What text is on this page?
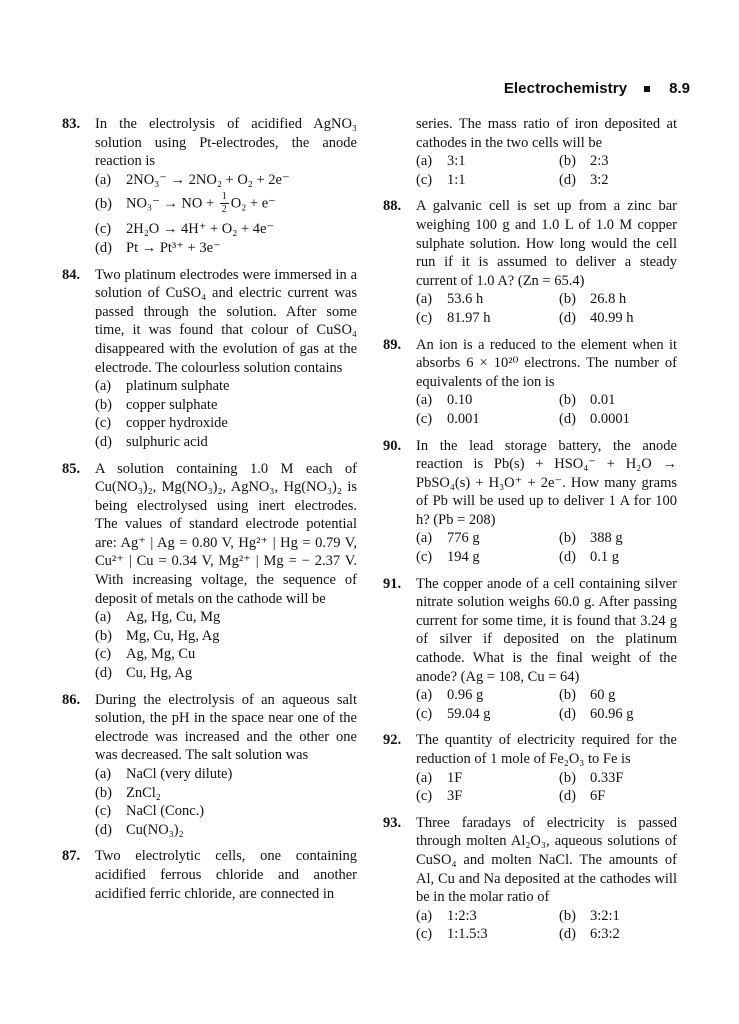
Electrochemistry	8.9
83.	In the electrolysis of acidified AgNO₃ solution using Pt-electrodes, the anode reaction is

(a) 2NO₃⁻ → 2NO₂ + O₂ + 2e⁻
(b) NO₃⁻ → NO + $\frac{1}{2} O_2 + e^-$
(c) 2H₂O → 4H⁺ + O₂ + 4e⁻
(d) Pt → Pt³⁺ + 3e⁻
84.	Two platinum electrodes were immersed in a solution of CuSO₄ and electric current was passed through the solution. After some time, it was found that colour of CuSO₄ disappeared with the evolution of gas at the electrode. The colourless solution contains

(a) platinum sulphate
(b) copper sulphate
(c) copper hydroxide
(d) sulphuric acid
85.	A solution containing 1.0 M each of Cu(NO₃)₂, Mg(NO₃)₂, AgNO₃, Hg(NO₃)₂ is being electrolysed using inert electrodes. The values of standard electrode potential are: Ag⁺ | Ag = 0.80 V, Hg²⁺ | Hg = 0.79 V, Cu²⁺ | Cu = 0.34 V, Mg²⁺ | Mg = − 2.37 V. With increasing voltage, the sequence of deposit of metals on the cathode will be

(a) Ag, Hg, Cu, Mg
(b) Mg, Cu, Hg, Ag
(c) Ag, Mg, Cu
(d) Cu, Hg, Ag
86.	During the electrolysis of an aqueous salt solution, the pH in the space near one of the electrode was increased and the other one was decreased. The salt solution was

(a) NaCl (very dilute)
(b) ZnCl₂
(c) NaCl (Conc.)
(d) Cu(NO₃)₂
87.	Two electrolytic cells, one containing acidified ferrous chloride and another acidified ferric chloride, are connected in

series. The mass ratio of iron deposited at cathodes in the two cells will be

(a) 3:1	(b) 2:3
(c) 1:1	(d) 3:2
88.	A galvanic cell is set up from a zinc bar weighing 100 g and 1.0 L of 1.0 M copper sulphate solution. How long would the cell run if it is assumed to deliver a steady current of 1.0 A? (Zn = 65.4)

(a) 53.6 h	(b) 26.8 h
(c) 81.97 h	(d) 40.99 h
89.	An ion is a reduced to the element when it absorbs 6 × 10²⁰ electrons. The number of equivalents of the ion is

(a) 0.10	(b) 0.01
(c) 0.001	(d) 0.0001
90.	In the lead storage battery, the anode reaction is Pb(s) + HSO₄⁻ + H₂O → PbSO₄(s) + H₃O⁺ + 2e⁻. How many grams of Pb will be used up to deliver 1 A for 100 h? (Pb = 208)

(a) 776 g	(b) 388 g
(c) 194 g	(d) 0.1 g
91.	The copper anode of a cell containing silver nitrate solution weighs 60.0 g. After passing current for some time, it is found that 3.24 g of silver if deposited on the platinum cathode. What is the final weight of the anode? (Ag = 108, Cu = 64)

(a) 0.96 g	(b) 60 g
(c) 59.04 g	(d) 60.96 g
92.	The quantity of electricity required for the reduction of 1 mole of Fe₂O₃ to Fe is

(a) 1F	(b) 0.33F
(c) 3F	(d) 6F
93.	Three faradays of electricity is passed through molten Al₂O₃, aqueous solutions of CuSO₄ and molten NaCl. The amounts of Al, Cu and Na deposited at the cathodes will be in the molar ratio of

(a) 1:2:3	(b) 3:2:1
(c) 1:1.5:3	(d) 6:3:2
